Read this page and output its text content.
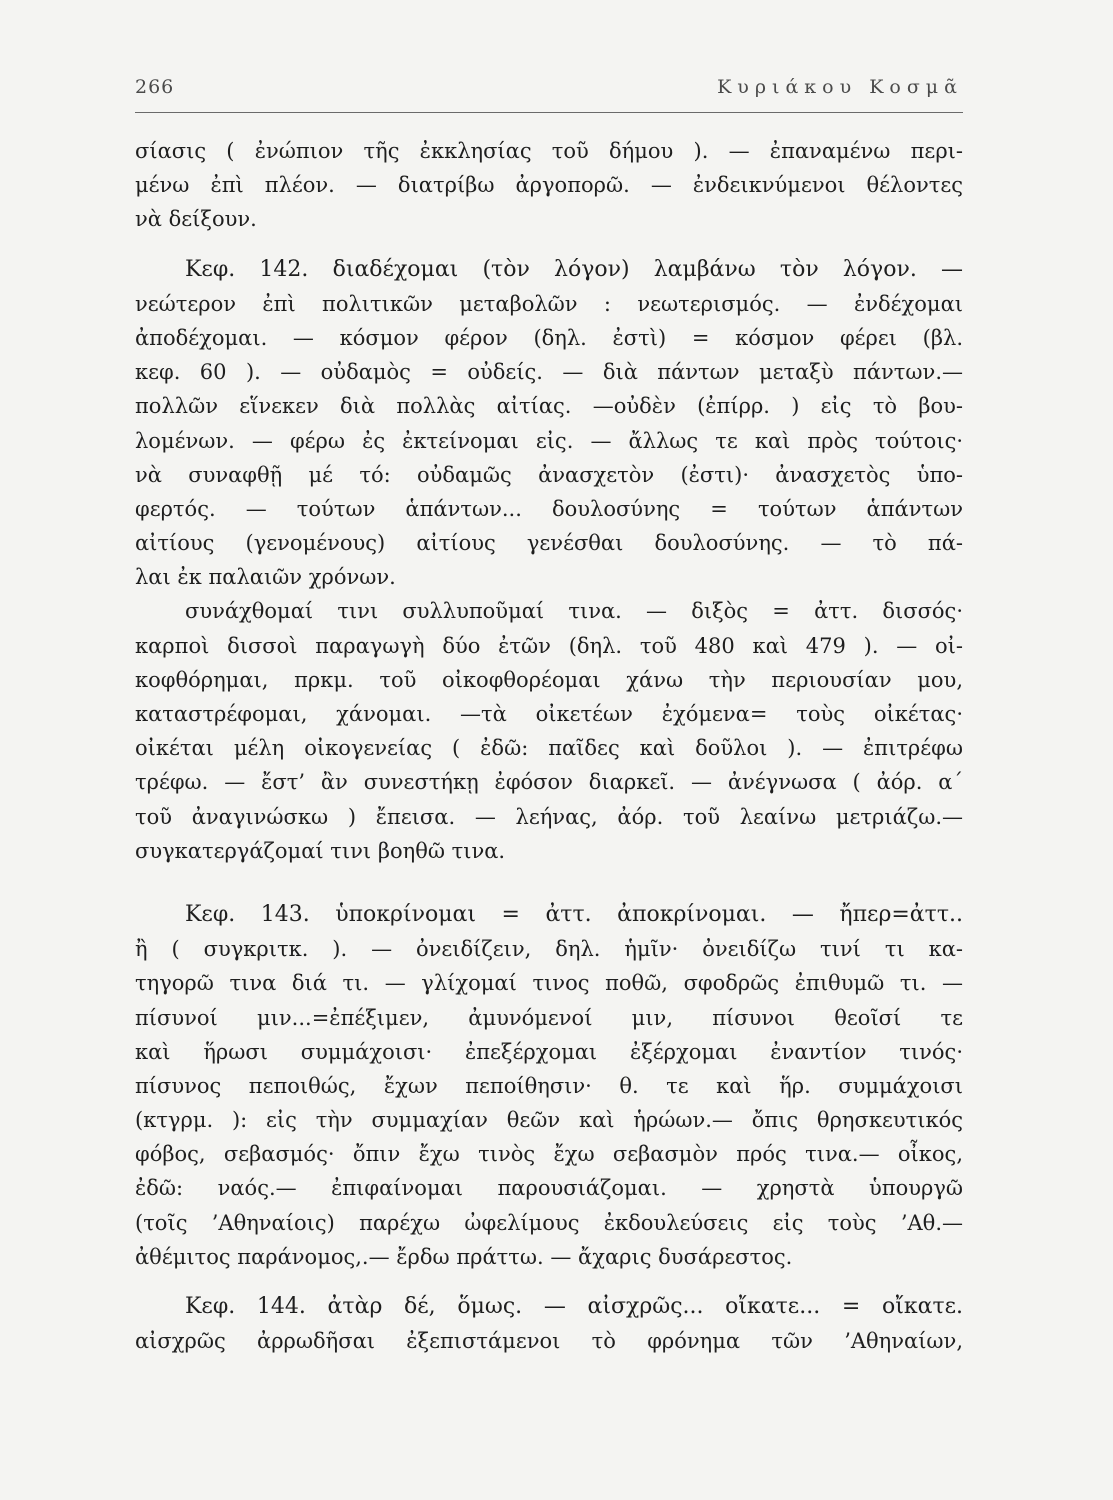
266	Κυριάκου Κοσμᾶ
σίασις ( ἐνώπιον τῆς ἐκκλησίας τοῦ δήμου ). — ἐπαναμένω περι-
μένω ἐπὶ πλέον. — διατρίβω ἀργοπορῶ. — ἐνδεικνύμενοι θέλοντες
νὰ δείξουν.
Κεφ. 142. διαδέχομαι (τὸν λόγον) λαμβάνω τὸν λόγον. —
νεώτερον ἐπὶ πολιτικῶν μεταβολῶν : νεωτερισμός. — ἐνδέχομαι
ἀποδέχομαι. — κόσμον φέρον (δηλ. ἐστὶ) = κόσμον φέρει (βλ.
κεφ. 60 ). — οὐδαμὸς = οὐδείς. — διὰ πάντων μεταξὺ πάντων.—
πολλῶν εἵνεκεν διὰ πολλὰς αἰτίας. —οὐδὲν (ἐπίρρ. ) εἰς τὸ βου-
λομένων. — φέρω ἐς ἐκτείνομαι εἰς. — ἄλλως τε καὶ πρὸς τούτοις·
νὰ συναφθῇ μέ τό: οὐδαμῶς ἀνασχετὸν (ἐστι)· ἀνασχετὸς ὑπο-
φερτός. — τούτων ἁπάντων... δουλοσύνης = τούτων ἁπάντων
αἰτίους (γενομένους) αἰτίους γενέσθαι δουλοσύνης. — τὸ πά-
λαι ἐκ παλαιῶν χρόνων.
συνάχθομαί τινι συλλυποῦμαί τινα. — διξὸς = ἀττ. δισσός·
καρποὶ δισσοὶ παραγωγὴ δύο ἐτῶν (δηλ. τοῦ 480 καὶ 479 ). — οἰ-
κοφθόρημαι, πρκμ. τοῦ οἰκοφθορέομαι χάνω τὴν περιουσίαν μου,
καταστρέφομαι, χάνομαι. —τὰ οἰκετέων ἐχόμενα= τοὺς οἰκέτας·
οἰκέται μέλη οἰκογενείας ( ἐδῶ: παῖδες καὶ δοῦλοι ). — ἐπιτρέφω
τρέφω. — ἔστ’ ἂν συνεστήκῃ ἐφόσον διαρκεῖ. — ἀνέγνωσα ( ἀόρ. α΄
τοῦ ἀναγινώσκω ) ἔπεισα. — λεήνας, ἀόρ. τοῦ λεαίνω μετριάζω.—
συγκατεργάζομαί τινι βοηθῶ τινα.
Κεφ. 143. ὑποκρίνομαι = ἀττ. ἀποκρίνομαι. — ἤπερ=ἀττ..
ἢ ( συγκριτκ. ). — ὀνειδίζειν, δηλ. ἡμῖν· ὀνειδίζω τινί τι κα-
τηγορῶ τινα διά τι. — γλίχομαί τινος ποθῶ, σφοδρῶς ἐπιθυμῶ τι. —
πίσυνοί μιν...=ἐπέξιμεν, ἀμυνόμενοί μιν, πίσυνοι θεοῖσί τε
καὶ ἥρωσι συμμάχοισι· ἐπεξέρχομαι ἐξέρχομαι ἐναντίον τινός·
πίσυνος πεποιθώς, ἔχων πεποίθησιν· θ. τε καὶ ἥρ. συμμάχοισι
(κτγρμ. ): εἰς τὴν συμμαχίαν θεῶν καὶ ἡρώων.— ὄπις θρησκευτικός
φόβος, σεβασμός· ὄπιν ἔχω τινὸς ἔχω σεβασμὸν πρός τινα.— οἶκος,
ἐδῶ: ναός.— ἐπιφαίνομαι παρουσιάζομαι. — χρηστὰ ὑπουργῶ
(τοῖς ’Αθηναίοις) παρέχω ὠφελίμους ἐκδουλεύσεις εἰς τοὺς ’Αθ.—
ἀθέμιτος παράνομος,.— ἔρδω πράττω. — ἄχαρις δυσάρεστος.
Κεφ. 144. ἀτὰρ δέ, ὅμως. — αἰσχρῶς... οἴκατε... = οἴκατε.
αἰσχρῶς ἀρρωδῆσαι ἐξεπιστάμενοι τὸ φρόνημα τῶν ’Αθηναίων,
